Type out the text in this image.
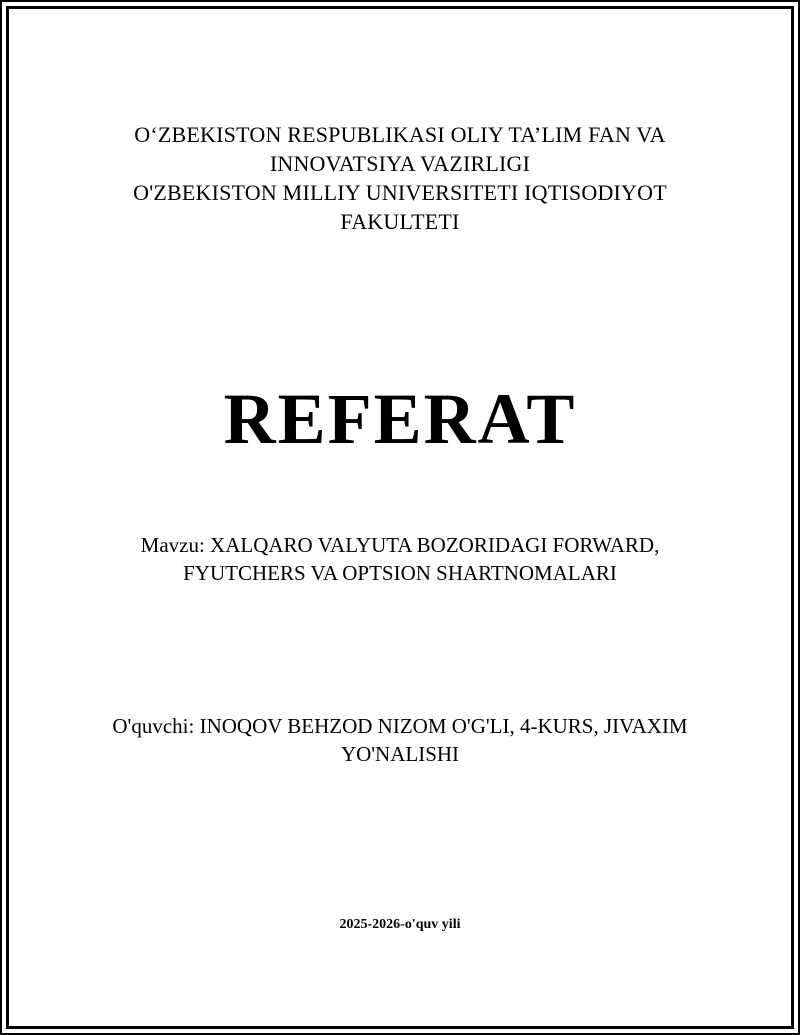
OʻZBEKISTON RESPUBLIKASI OLIY TA’LIM FAN VA INNOVATSIYA VAZIRLIGI
O'ZBEKISTON MILLIY UNIVERSITETI IQTISODIYOT FAKULTETI
REFERAT
Mavzu: XALQARO VALYUTA BOZORIDAGI FORWARD, FYUTCHERS VA OPTSION SHARTNOMALARI
O'quvchi: INOQOV BEHZOD NIZOM O'G'LI, 4-KURS, JIVAXIM YO'NALISHI
2025-2026-o'quv yili
